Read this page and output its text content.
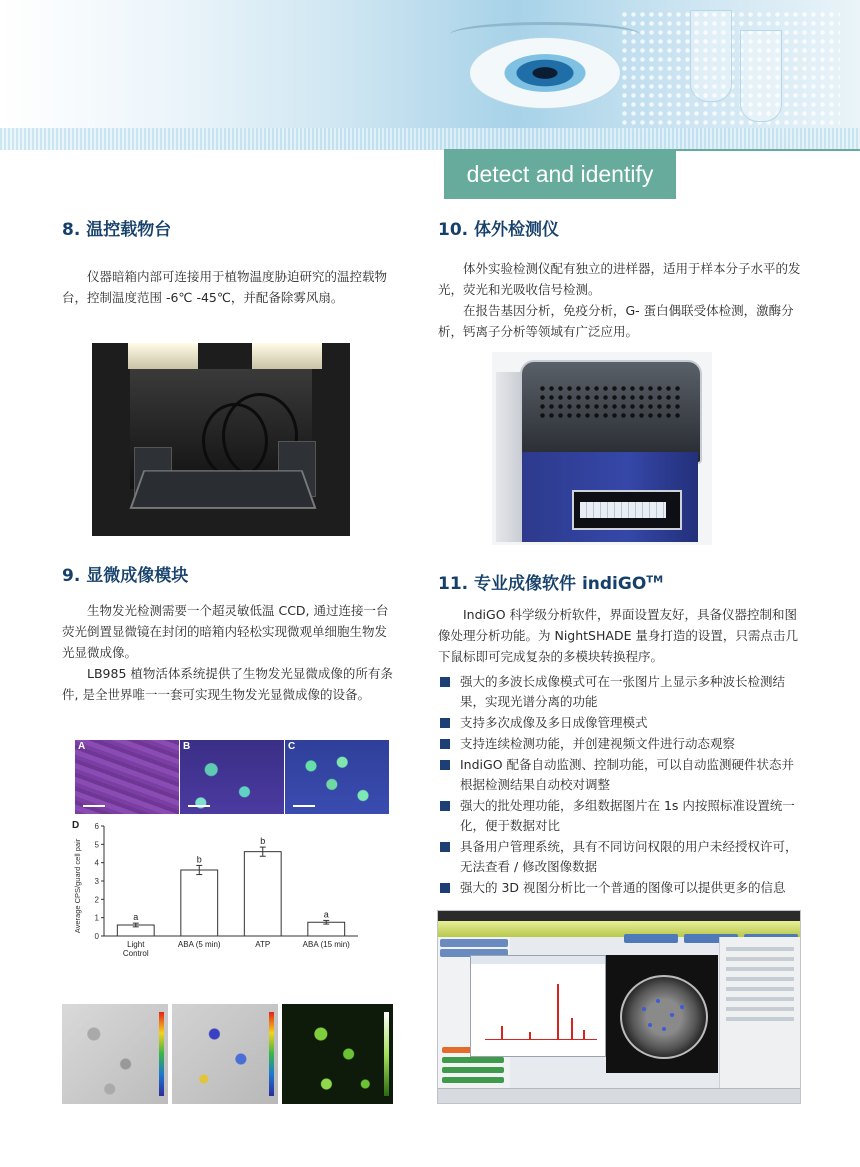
detect and identify
8. 温控载物台

仪器暗箱内部可连接用于植物温度胁迫研究的温控载物台，控制温度范围 -6℃ -45℃，并配备除雾风扇。

9. 显微成像模块

生物发光检测需要一个超灵敏低温 CCD, 通过连接一台荧光倒置显微镜在封闭的暗箱内轻松实现微观单细胞生物发光显微成像。

LB985 植物活体系统提供了生物发光显微成像的所有条件, 是全世界唯一一套可实现生物发光显微成像的设备。

A	B	C
D
Average CPS/guard cell pair
0
1
2
3
4
5
6
a
b
b
a
Light
Control
ABA (5 min)	ATP	ABA (15 min)
10. 体外检测仪

体外实验检测仪配有独立的进样器，适用于样本分子水平的发光，荧光和光吸收信号检测。

在报告基因分析，免疫分析，G- 蛋白偶联受体检测，激酶分析，钙离子分析等领域有广泛应用。

11. 专业成像软件 indiGO™

IndiGO 科学级分析软件，界面设置友好，具备仪器控制和图像处理分析功能。为 NightSHADE 量身打造的设置，只需点击几下鼠标即可完成复杂的多模块转换程序。

强大的多波长成像模式可在一张图片上显示多种波长检测结果，实现光谱分离的功能
支持多次成像及多日成像管理模式
支持连续检测功能，并创建视频文件进行动态观察
IndiGO 配备自动监测、控制功能，可以自动监测硬件状态并根据检测结果自动校对调整
强大的批处理功能，多组数据图片在 1s 内按照标准设置统一化，便于数据对比
具备用户管理系统，具有不同访问权限的用户未经授权许可，无法查看 / 修改图像数据
强大的 3D 视图分析比一个普通的图像可以提供更多的信息
